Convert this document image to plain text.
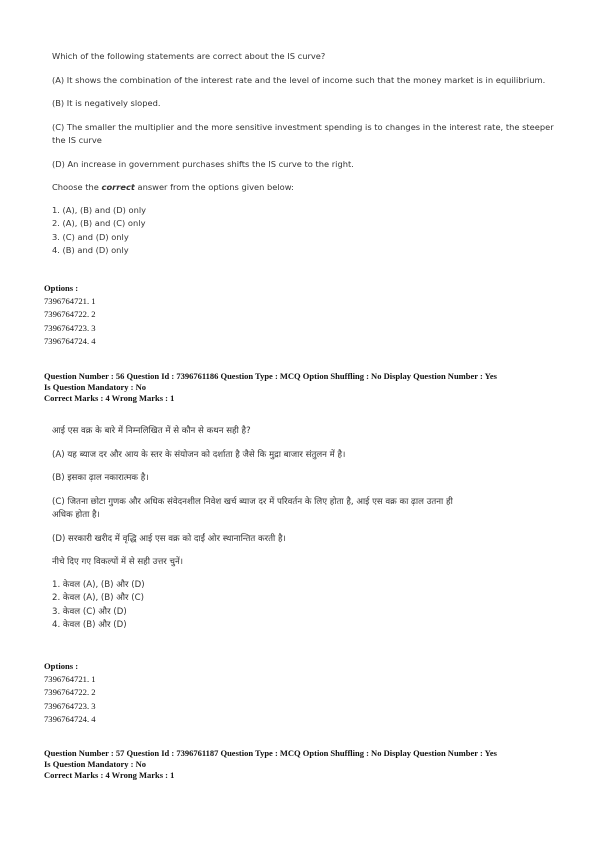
Which of the following statements are correct about the IS curve?

(A) It shows the combination of the interest rate and the level of income such that the money market is in equilibrium.

(B) It is negatively sloped.

(C) The smaller the multiplier and the more sensitive investment spending is to changes in the interest rate, the steeper

the IS curve

(D) An increase in government purchases shifts the IS curve to the right.

Choose the correct answer from the options given below:

1. (A), (B) and (D) only
2. (A), (B) and (C) only
3. (C) and (D) only
4. (B) and (D) only
Options :
7396764721. 1
7396764722. 2
7396764723. 3
7396764724. 4
Question Number : 56 Question Id : 7396761186 Question Type : MCQ Option Shuffling : No Display Question Number : Yes
Is Question Mandatory : No
Correct Marks : 4 Wrong Marks : 1

आई एस वक्र के बारे में निम्नलिखित में से कौन से कथन सही है?

(A) यह ब्याज दर और आय के स्तर के संयोजन को दर्शाता है जैसे कि मुद्रा बाजार संतुलन में है।

(B) इसका ढ़ाल नकारात्मक है।

(C) जितना छोटा गुणक और अधिक संवेदनशील निवेश खर्च ब्याज दर में परिवर्तन के लिए होता है, आई एस वक्र का ढ़ाल उतना ही

अधिक होता है।

(D) सरकारी खरीद में वृद्धि आई एस वक्र को दाईं ओर स्थानान्तित करती है।

नीचे दिए गए विकल्पों में से सही उत्तर चुनें।

1. केवल (A), (B) और (D)
2. केवल (A), (B) और (C)
3. केवल (C) और (D)
4. केवल (B) और (D)
Options :
7396764721. 1
7396764722. 2
7396764723. 3
7396764724. 4
Question Number : 57 Question Id : 7396761187 Question Type : MCQ Option Shuffling : No Display Question Number : Yes
Is Question Mandatory : No
Correct Marks : 4 Wrong Marks : 1
